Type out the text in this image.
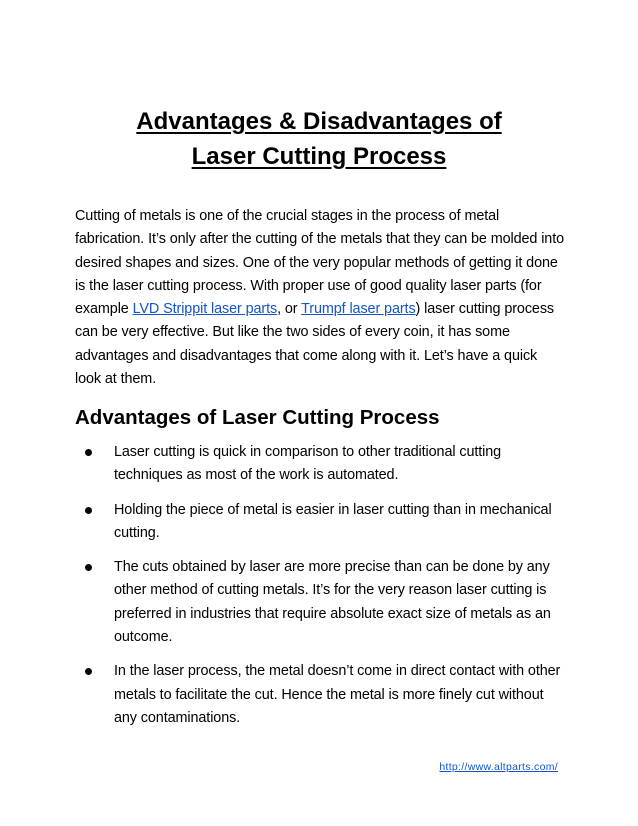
Advantages & Disadvantages of
Laser Cutting Process

Cutting of metals is one of the crucial stages in the process of metal fabrication. It’s only after the cutting of the metals that they can be molded into desired shapes and sizes. One of the very popular methods of getting it done is the laser cutting process. With proper use of good quality laser parts (for example LVD Strippit laser parts, or Trumpf laser parts) laser cutting process can be very effective. But like the two sides of every coin, it has some advantages and disadvantages that come along with it. Let’s have a quick look at them.

Advantages of Laser Cutting Process
Laser cutting is quick in comparison to other traditional cutting techniques as most of the work is automated.
Holding the piece of metal is easier in laser cutting than in mechanical cutting.
The cuts obtained by laser are more precise than can be done by any other method of cutting metals. It’s for the very reason laser cutting is preferred in industries that require absolute exact size of metals as an outcome.
In the laser process, the metal doesn’t come in direct contact with other metals to facilitate the cut. Hence the metal is more finely cut without any contaminations.
http://www.altparts.com/
